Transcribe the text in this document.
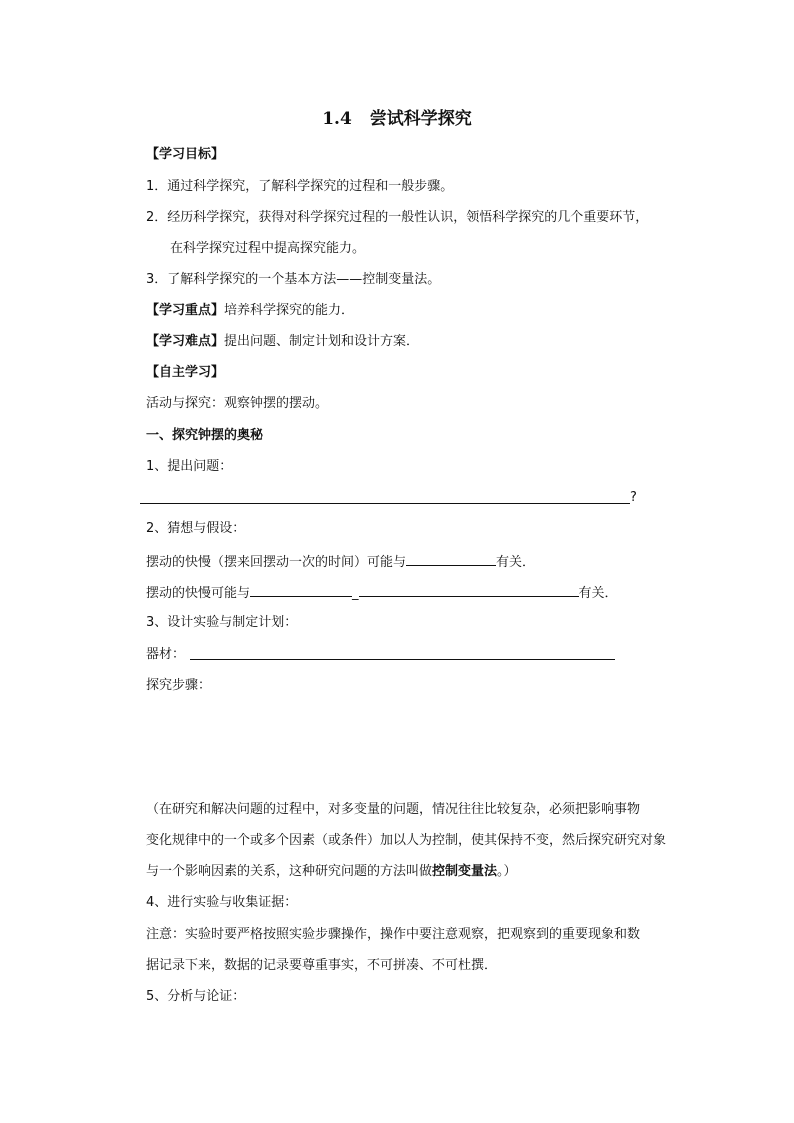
1.4 尝试科学探究
【学习目标】
1．通过科学探究，了解科学探究的过程和一般步骤。
2．经历科学探究，获得对科学探究过程的一般性认识，领悟科学探究的几个重要环节，
在科学探究过程中提高探究能力。
3．了解科学探究的一个基本方法——控制变量法。
【学习重点】培养科学探究的能力．
【学习难点】提出问题、制定计划和设计方案．
【自主学习】
活动与探究：观察钟摆的摆动。
一、探究钟摆的奥秘
1、提出问题：
?
2、猜想与假设：
摆动的快慢（摆来回摆动一次的时间）可能与	有关．
摆动的快慢可能与	_	有关．
3、设计实验与制定计划：
器材：
探究步骤：
（在研究和解决问题的过程中，对多变量的问题，情况往往比较复杂，必须把影响事物
变化规律中的一个或多个因素（或条件）加以人为控制，使其保持不变，然后探究研究对象
与一个影响因素的关系，这种研究问题的方法叫做控制变量法。）
4、进行实验与收集证据：
注意：实验时要严格按照实验步骤操作，操作中要注意观察，把观察到的重要现象和数
据记录下来，数据的记录要尊重事实，不可拼凑、不可杜撰．
5、分析与论证：
